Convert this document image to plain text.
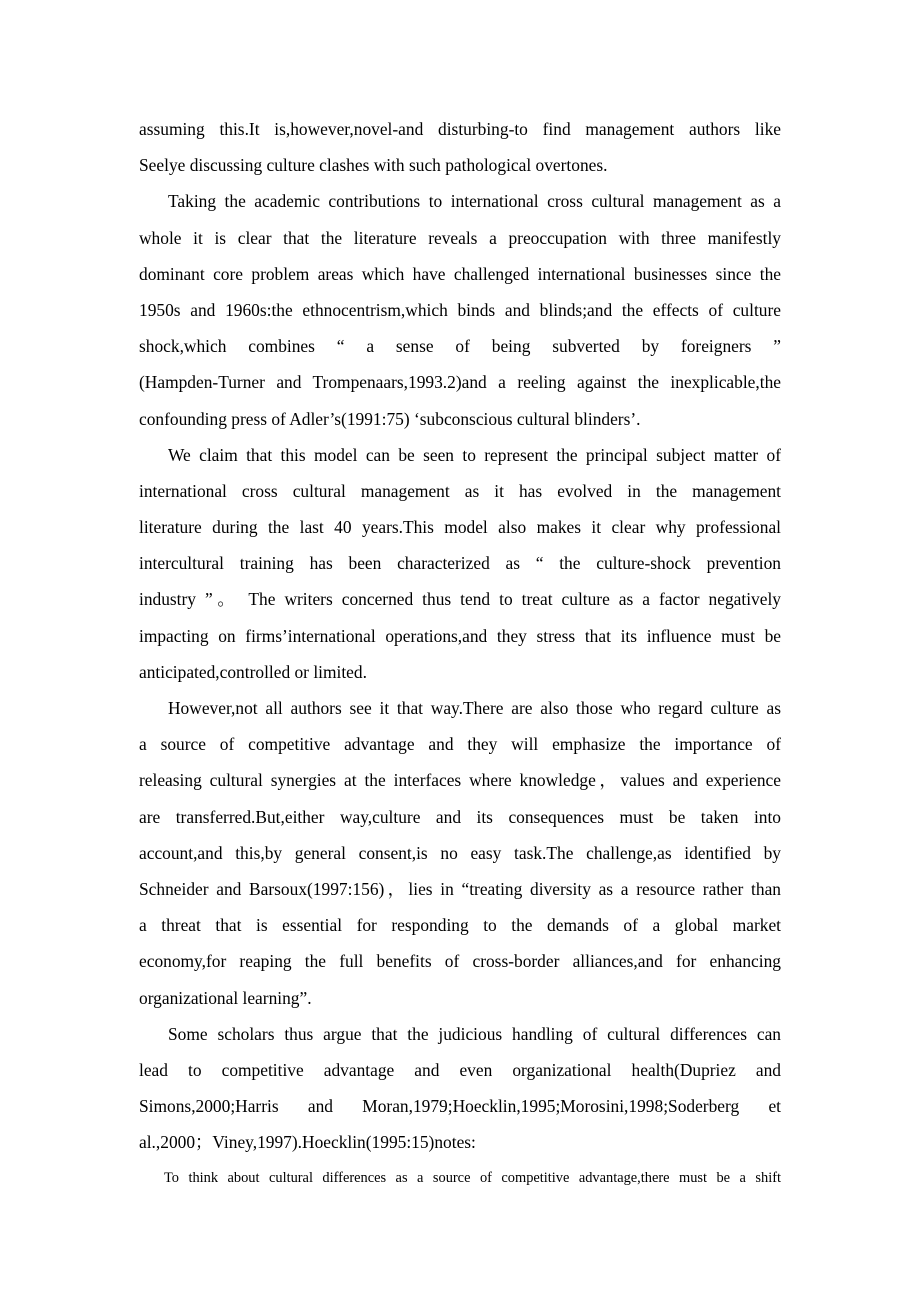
assuming this.It is,however,novel-and disturbing-to find management authors like
Seelye discussing culture clashes with such pathological overtones.
Taking the academic contributions to international cross cultural management as a
whole it is clear that the literature reveals a preoccupation with three manifestly
dominant core problem areas which have challenged international businesses since the
1950s and 1960s:the ethnocentrism,which binds and blinds;and the effects of culture
shock,which combines “ a sense of being subverted by foreigners ”
(Hampden-Turner and Trompenaars,1993.2)and a reeling against the inexplicable,the
confounding press of Adler’s(1991:75) ‘subconscious cultural blinders’.
We claim that this model can be seen to represent the principal subject matter of
international cross cultural management as it has evolved in the management
literature during the last 40 years.This model also makes it clear why professional
intercultural training has been characterized as “ the culture-shock prevention
industry ”。 The writers concerned thus tend to treat culture as a factor negatively
impacting on firms’international operations,and they stress that its influence must be
anticipated,controlled or limited.
However,not all authors see it that way.There are also those who regard culture as
a source of competitive advantage and they will emphasize the importance of
releasing cultural synergies at the interfaces where knowledge，values and experience
are transferred.But,either way,culture and its consequences must be taken into
account,and this,by general consent,is no easy task.The challenge,as identified by
Schneider and Barsoux(1997:156)，lies in “treating diversity as a resource rather than
a threat that is essential for responding to the demands of a global market
economy,for reaping the full benefits of cross-border alliances,and for enhancing
organizational learning”.
Some scholars thus argue that the judicious handling of cultural differences can
lead to competitive advantage and even organizational health(Dupriez and
Simons,2000;Harris and Moran,1979;Hoecklin,1995;Morosini,1998;Soderberg et
al.,2000；Viney,1997).Hoecklin(1995:15)notes:

To think about cultural differences as a source of competitive advantage,there must be a shift
